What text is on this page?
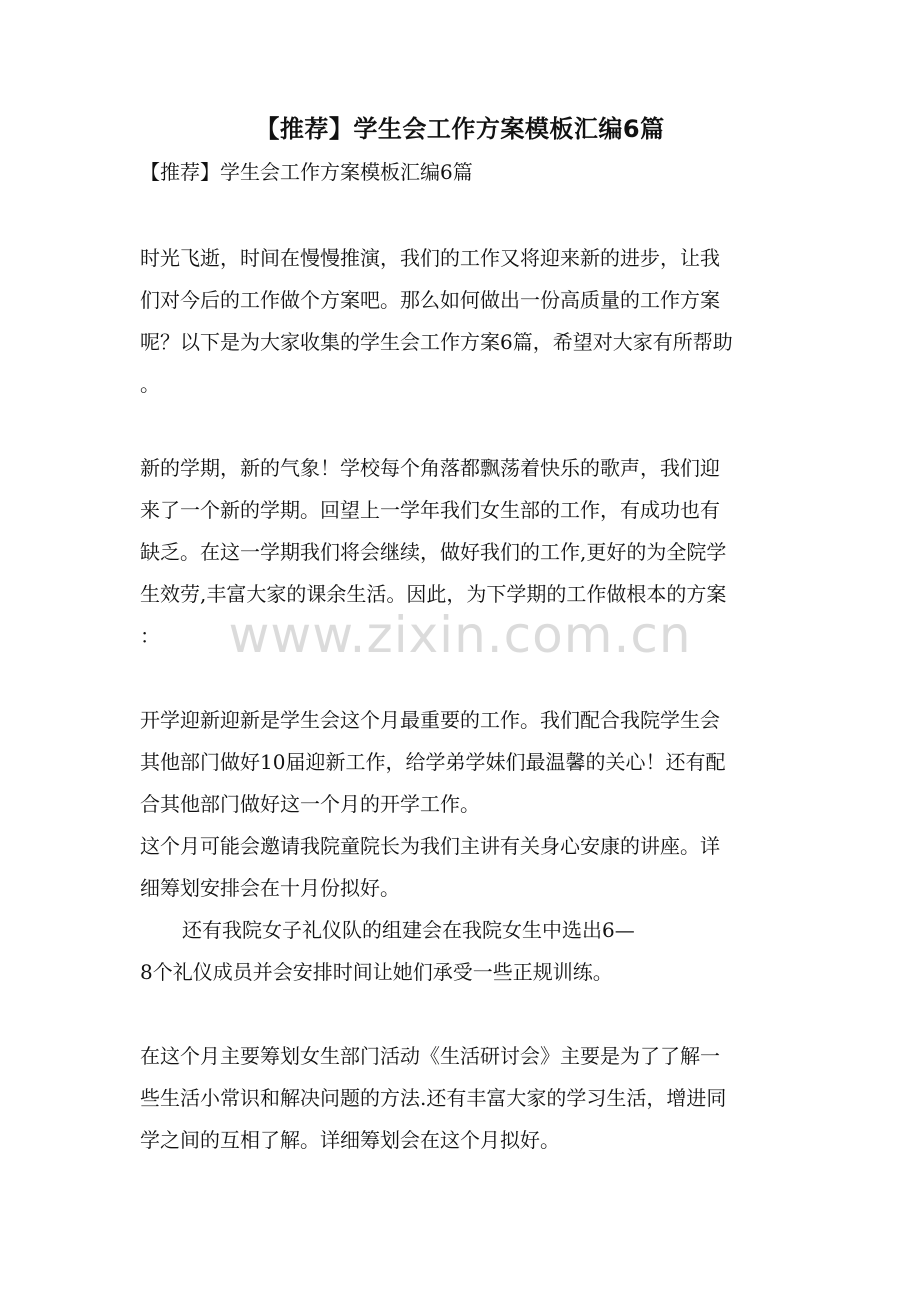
【推荐】学生会工作方案模板汇编6篇
【推荐】学生会工作方案模板汇编6篇
时光飞逝，时间在慢慢推演，我们的工作又将迎来新的进步，让我
们对今后的工作做个方案吧。那么如何做出一份高质量的工作方案
呢？以下是为大家收集的学生会工作方案6篇，希望对大家有所帮助
。
新的学期，新的气象！学校每个角落都飘荡着快乐的歌声，我们迎
来了一个新的学期。回望上一学年我们女生部的工作，有成功也有
缺乏。在这一学期我们将会继续，做好我们的工作,更好的为全院学
生效劳,丰富大家的课余生活。因此，为下学期的工作做根本的方案
：
开学迎新迎新是学生会这个月最重要的工作。我们配合我院学生会
其他部门做好10届迎新工作，给学弟学妹们最温馨的关心！还有配
合其他部门做好这一个月的开学工作。
这个月可能会邀请我院童院长为我们主讲有关身心安康的讲座。详
细筹划安排会在十月份拟好。
还有我院女子礼仪队的组建会在我院女生中选出6—
8个礼仪成员并会安排时间让她们承受一些正规训练。
在这个月主要筹划女生部门活动《生活研讨会》主要是为了了解一
些生活小常识和解决问题的方法.还有丰富大家的学习生活，增进同
学之间的互相了解。详细筹划会在这个月拟好。
www.zixin.com.cn
